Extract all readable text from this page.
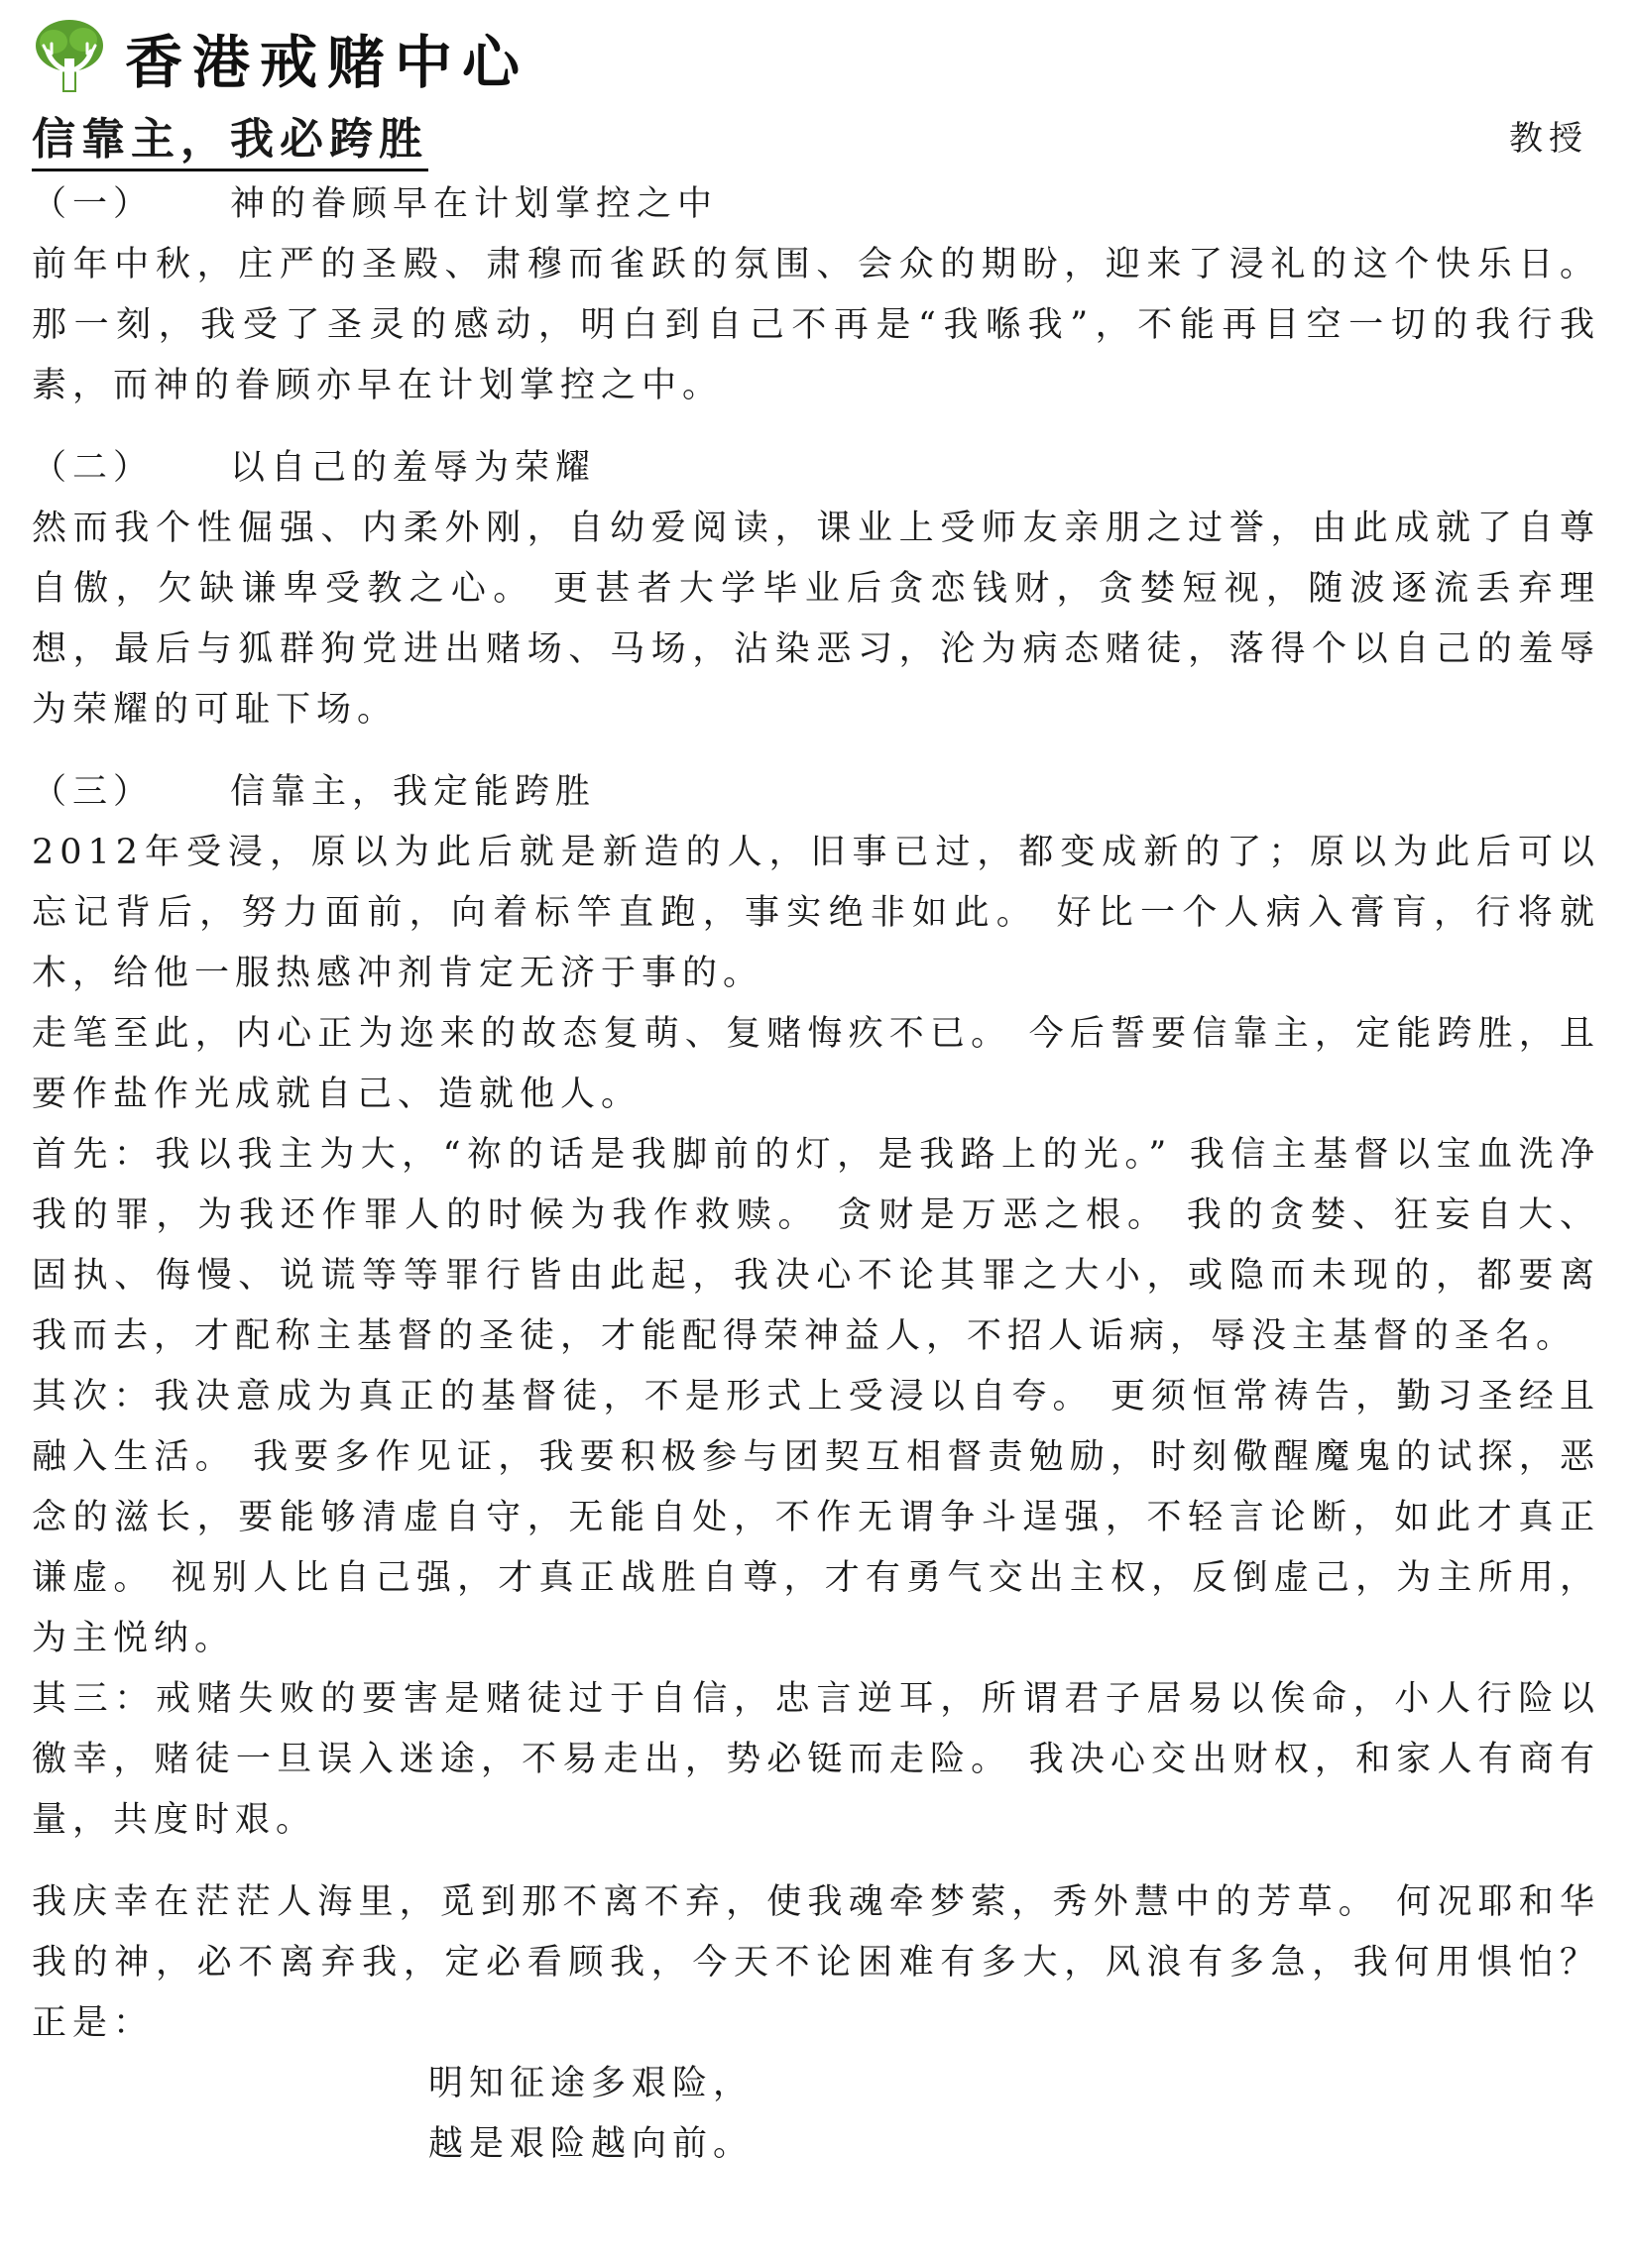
香港戒赌中心
信靠主，我必跨胜	教授

（一） 神的眷顾早在计划掌控之中

前年中秋，庄严的圣殿、肃穆而雀跃的氛围、会众的期盼，迎来了浸礼的这个快乐日。 那一刻，我受了圣灵的感动，明白到自己不再是“我喺我”，不能再目空一切的我行我素，而神的眷顾亦早在计划掌控之中。

（二） 以自己的羞辱为荣耀

然而我个性倔强、内柔外刚，自幼爱阅读，课业上受师友亲朋之过誉，由此成就了自尊自傲，欠缺谦卑受教之心。 更甚者大学毕业后贪恋钱财，贪婪短视，随波逐流丢弃理想，最后与狐群狗党进出赌场、马场，沾染恶习，沦为病态赌徒，落得个以自己的羞辱为荣耀的可耻下场。

（三） 信靠主，我定能跨胜

2012年受浸，原以为此后就是新造的人，旧事已过，都变成新的了；原以为此后可以忘记背后，努力面前，向着标竿直跑，事实绝非如此。 好比一个人病入膏肓，行将就木，给他一服热感冲剂肯定无济于事的。

走笔至此，内心正为迩来的故态复萌、复赌悔疚不已。 今后誓要信靠主，定能跨胜，且要作盐作光成就自己、造就他人。

首先：我以我主为大，“祢的话是我脚前的灯，是我路上的光。” 我信主基督以宝血洗净我的罪，为我还作罪人的时候为我作救赎。 贪财是万恶之根。 我的贪婪、狂妄自大、固执、侮慢、说谎等等罪行皆由此起，我决心不论其罪之大小，或隐而未现的，都要离我而去，才配称主基督的圣徒，才能配得荣神益人，不招人诟病，辱没主基督的圣名。

其次：我决意成为真正的基督徒，不是形式上受浸以自夸。 更须恒常祷告，勤习圣经且融入生活。 我要多作见证，我要积极参与团契互相督责勉励，时刻儆醒魔鬼的试探，恶念的滋长，要能够清虚自守，无能自处，不作无谓争斗逞强，不轻言论断，如此才真正谦虚。 视别人比自己强，才真正战胜自尊，才有勇气交出主权，反倒虚己，为主所用，为主悦纳。

其三：戒赌失败的要害是赌徒过于自信，忠言逆耳，所谓君子居易以俟命，小人行险以徼幸，赌徒一旦误入迷途，不易走出，势必铤而走险。 我决心交出财权，和家人有商有量，共度时艰。

我庆幸在茫茫人海里，觅到那不离不弃，使我魂牵梦萦，秀外慧中的芳草。 何况耶和华我的神，必不离弃我，定必看顾我，今天不论困难有多大，风浪有多急，我何用惧怕？正是：

明知征途多艰险，

越是艰险越向前。
